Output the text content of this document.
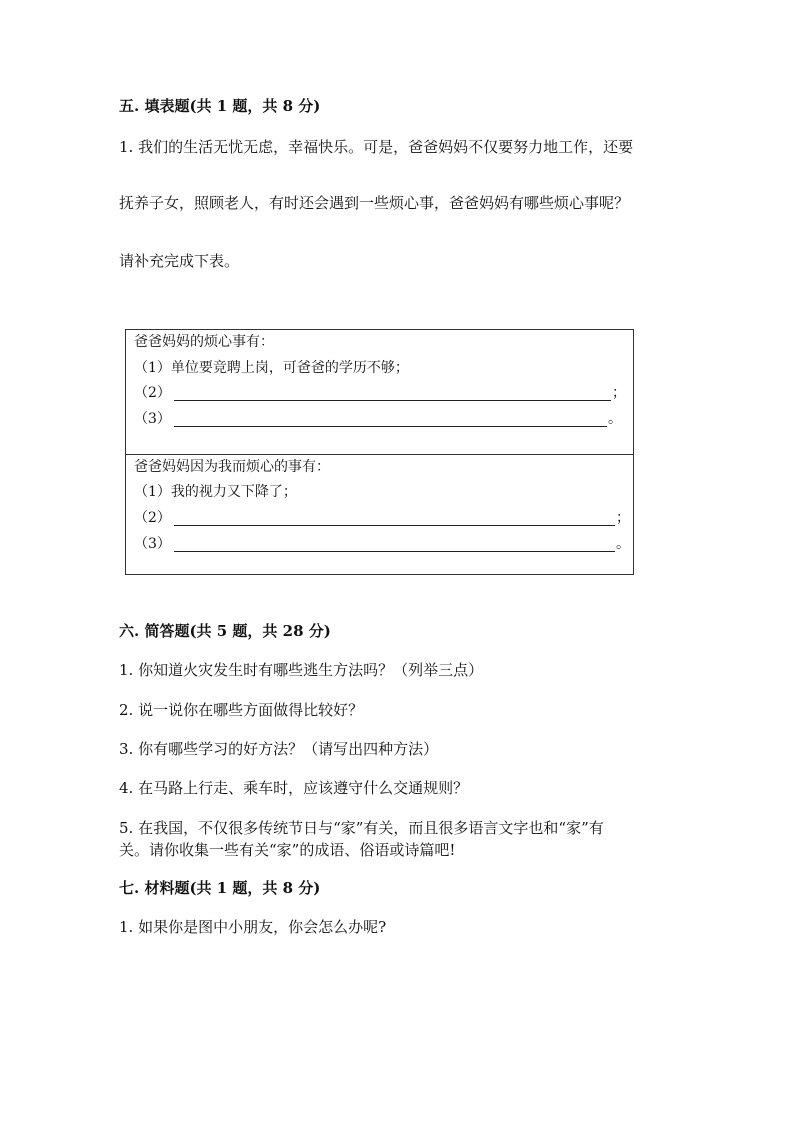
五. 填表题(共 1 题，共 8 分)
1. 我们的生活无忧无虑，幸福快乐。可是，爸爸妈妈不仅要努力地工作，还要
抚养子女，照顾老人，有时还会遇到一些烦心事，爸爸妈妈有哪些烦心事呢？
请补充完成下表。
爸爸妈妈的烦心事有：
（1）单位要竞聘上岗，可爸爸的学历不够；
（2）	；
（3）	。
爸爸妈妈因为我而烦心的事有：
（1）我的视力又下降了；
（2）	；
（3）	。
六. 简答题(共 5 题，共 28 分)
1. 你知道火灾发生时有哪些逃生方法吗？（列举三点）
2. 说一说你在哪些方面做得比较好？
3. 你有哪些学习的好方法？（请写出四种方法）
4. 在马路上行走、乘车时，应该遵守什么交通规则？
5. 在我国，不仅很多传统节日与“家”有关，而且很多语言文字也和“家”有
关。请你收集一些有关“家”的成语、俗语或诗篇吧!
七. 材料题(共 1 题，共 8 分)
1. 如果你是图中小朋友，你会怎么办呢?
